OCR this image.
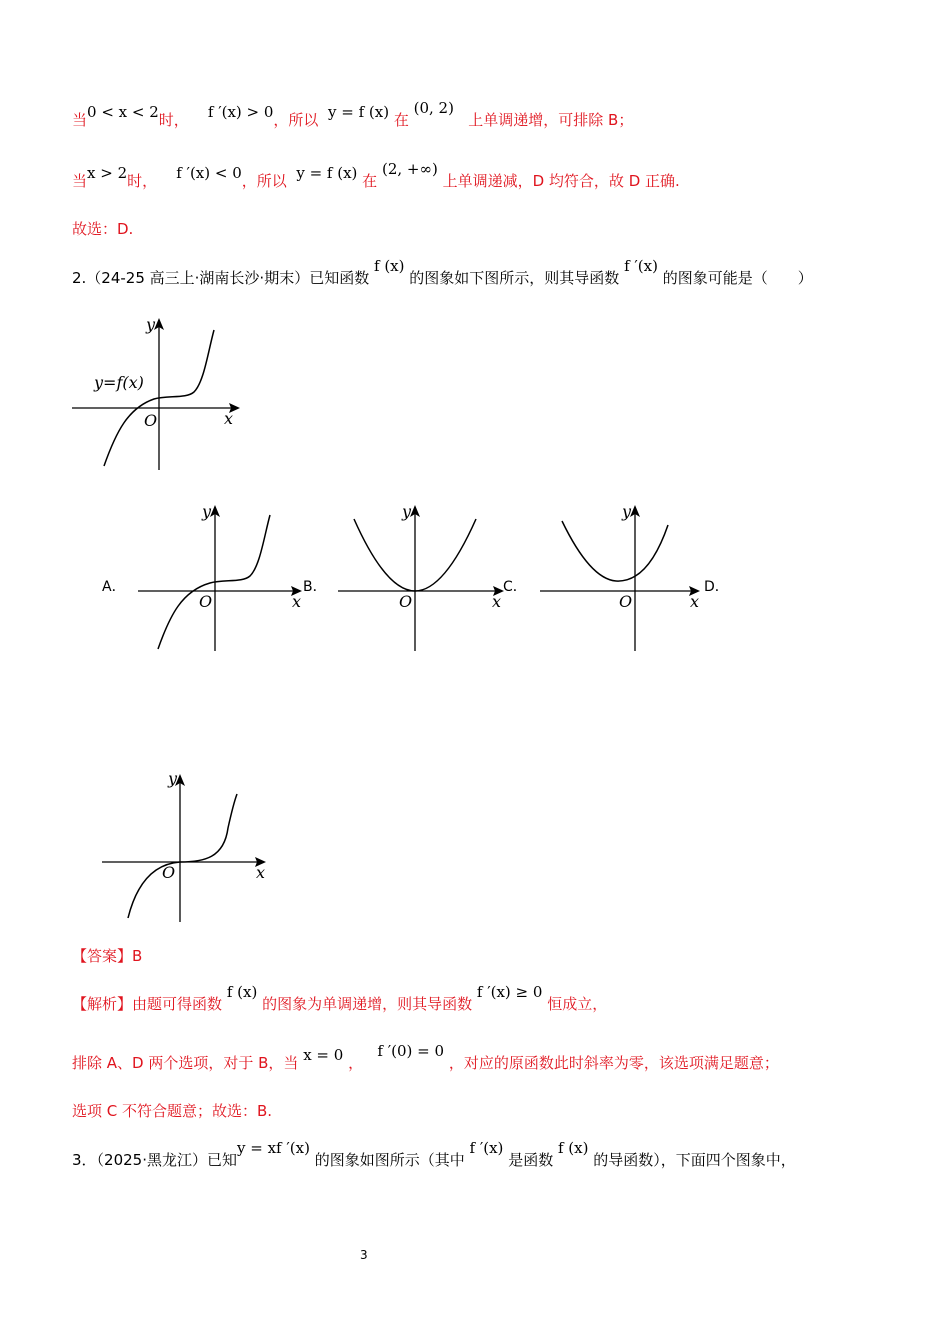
当0 < x < 2时， f ′(x) > 0，所以 y = f (x) 在 (0, 2)   上单调递增，可排除 B；
当x > 2时， f ′(x) < 0，所以 y = f (x) 在 (2, +∞) 上单调递减，D 均符合，故 D 正确.
故选：D.
2.（24-25 高三上·湖南长沙·期末）已知函数 f (x) 的图象如下图所示，则其导函数 f ′(x) 的图象可能是（　　）
y
x
O
y=f(x)
A．
y
x
O
B．
y
x
O
C．
y
x
O
D．
y
x
O
【答案】B
【解析】由题可得函数 f (x) 的图象为单调递增，则其导函数 f ′(x) ≥ 0 恒成立，
排除 A、D 两个选项，对于 B，当 x = 0 ，   f ′(0) = 0 ，对应的原函数此时斜率为零，该选项满足题意；
选项 C 不符合题意；故选：B.
3．（2025·黑龙江）已知y = xf ′(x) 的图象如图所示（其中 f ′(x) 是函数 f (x) 的导函数），下面四个图象中，
3
